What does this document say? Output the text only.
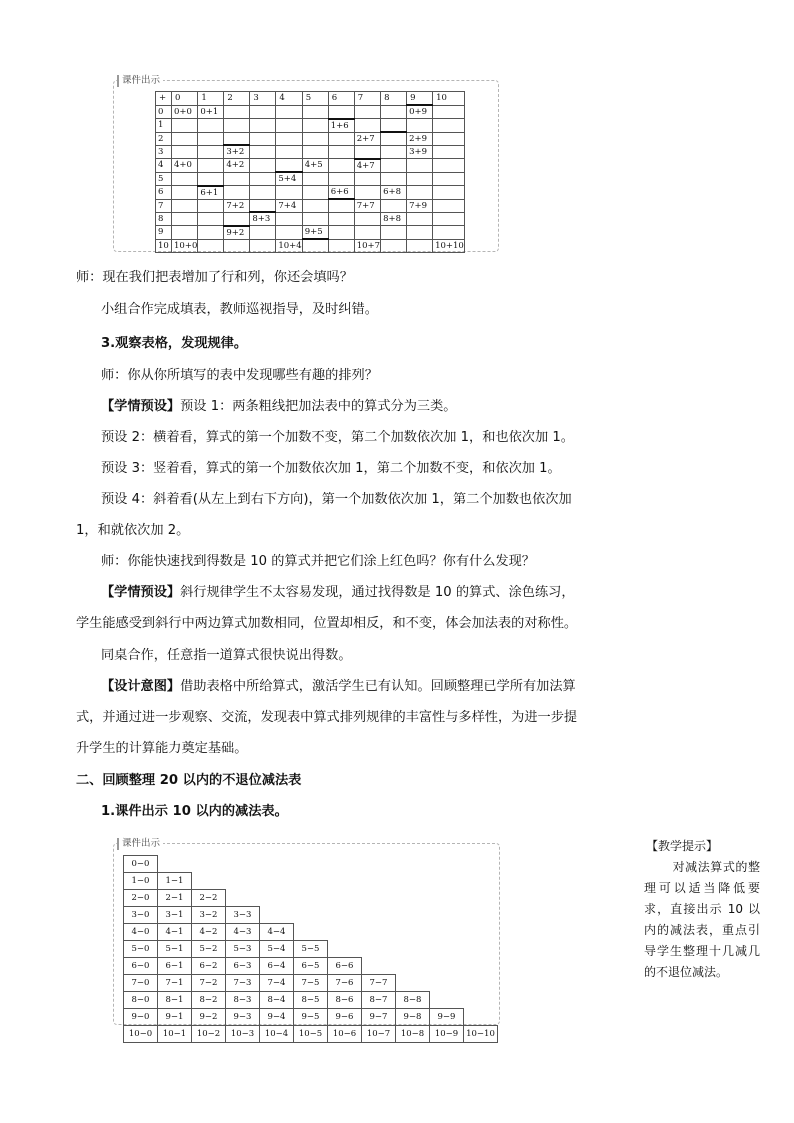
课件出示
+	0	1	2	3	4	5	6	7	8	9	10
0	0+0	0+1								0+9	
1							1+6				
2								2+7		2+9	
3			3+2							3+9	
4	4+0		4+2			4+5		4+7			
5					5+4						
6		6+1					6+6		6+8		
7			7+2		7+4			7+7		7+9	
8				8+3					8+8		
9			9+2			9+5					
10	10+0				10+4			10+7			10+10
师：现在我们把表增加了行和列，你还会填吗？
小组合作完成填表，教师巡视指导，及时纠错。
3.观察表格，发现规律。
师：你从你所填写的表中发现哪些有趣的排列？
【学情预设】预设 1：两条粗线把加法表中的算式分为三类。
预设 2：横着看，算式的第一个加数不变，第二个加数依次加 1，和也依次加 1。
预设 3：竖着看，算式的第一个加数依次加 1，第二个加数不变，和依次加 1。
预设 4：斜着看(从左上到右下方向)，第一个加数依次加 1，第二个加数也依次加
1，和就依次加 2。
师：你能快速找到得数是 10 的算式并把它们涂上红色吗？你有什么发现？
【学情预设】斜行规律学生不太容易发现，通过找得数是 10 的算式、涂色练习，
学生能感受到斜行中两边算式加数相同，位置却相反，和不变，体会加法表的对称性。
同桌合作，任意指一道算式很快说出得数。
【设计意图】借助表格中所给算式，激活学生已有认知。回顾整理已学所有加法算
式，并通过进一步观察、交流，发现表中算式排列规律的丰富性与多样性，为进一步提
升学生的计算能力奠定基础。
二、回顾整理 20 以内的不退位减法表
1.课件出示 10 以内的减法表。
课件出示
0−0										
1−0	1−1									
2−0	2−1	2−2								
3−0	3−1	3−2	3−3							
4−0	4−1	4−2	4−3	4−4						
5−0	5−1	5−2	5−3	5−4	5−5					
6−0	6−1	6−2	6−3	6−4	6−5	6−6				
7−0	7−1	7−2	7−3	7−4	7−5	7−6	7−7			
8−0	8−1	8−2	8−3	8−4	8−5	8−6	8−7	8−8		
9−0	9−1	9−2	9−3	9−4	9−5	9−6	9−7	9−8	9−9	
10−0	10−1	10−2	10−3	10−4	10−5	10−6	10−7	10−8	10−9	10−10
【教学提示】
对减法算式的整理可以适当降低要求，直接出示 10 以内的减法表，重点引导学生整理十几减几的不退位减法。
